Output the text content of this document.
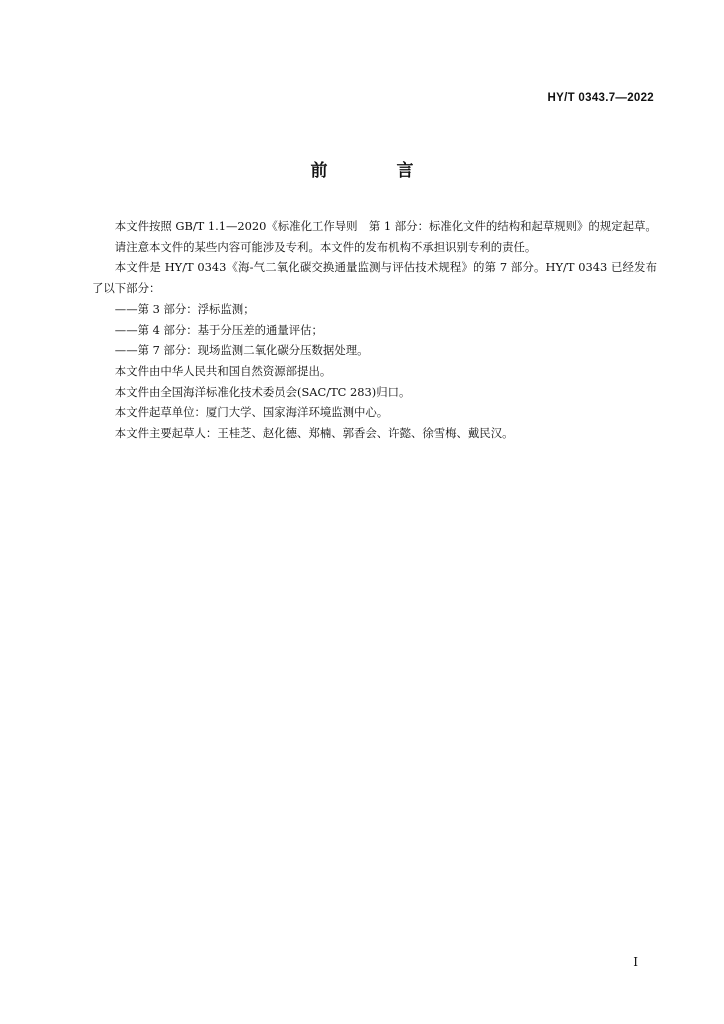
HY/T 0343.7—2022
前　言

本文件按照 GB/T 1.1—2020《标准化工作导则　第 1 部分：标准化文件的结构和起草规则》的规定起草。

请注意本文件的某些内容可能涉及专利。本文件的发布机构不承担识别专利的责任。

本文件是 HY/T 0343《海-气二氧化碳交换通量监测与评估技术规程》的第 7 部分。HY/T 0343 已经发布了以下部分：

——第 3 部分：浮标监测；

——第 4 部分：基于分压差的通量评估；

——第 7 部分：现场监测二氧化碳分压数据处理。

本文件由中华人民共和国自然资源部提出。

本文件由全国海洋标准化技术委员会(SAC/TC 283)归口。

本文件起草单位：厦门大学、国家海洋环境监测中心。

本文件主要起草人：王桂芝、赵化德、郑楠、郭香会、许懿、徐雪梅、戴民汉。

I
